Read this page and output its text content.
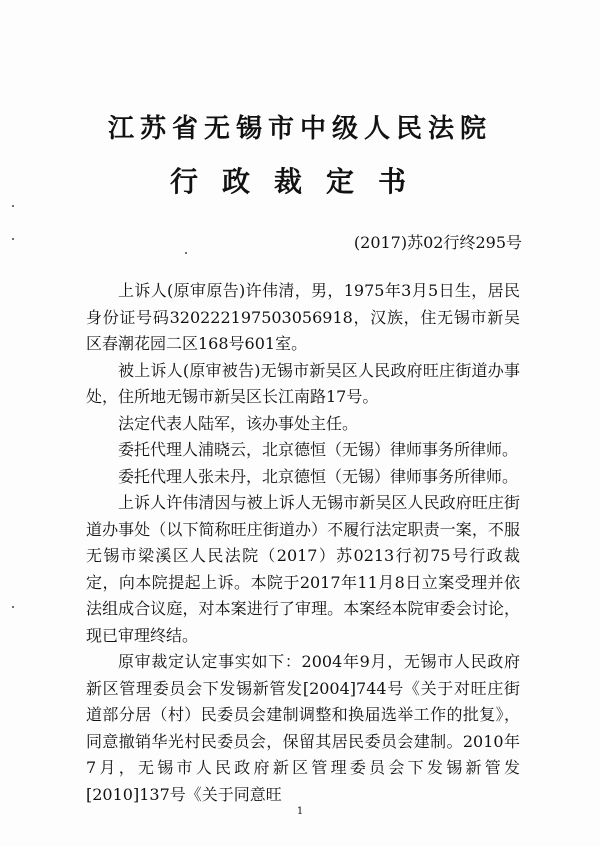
江苏省无锡市中级人民法院
行政裁定书
(2017)苏02行终295号

上诉人(原审原告)许伟清，男，1975年3月5日生，居民身份证号码320222197503056918，汉族，住无锡市新吴区春潮花园二区168号601室。

被上诉人(原审被告)无锡市新吴区人民政府旺庄街道办事处，住所地无锡市新吴区长江南路17号。

法定代表人陆军，该办事处主任。

委托代理人浦晓云，北京德恒（无锡）律师事务所律师。

委托代理人张未丹，北京德恒（无锡）律师事务所律师。

上诉人许伟清因与被上诉人无锡市新吴区人民政府旺庄街道办事处（以下简称旺庄街道办）不履行法定职责一案，不服无锡市梁溪区人民法院（2017）苏0213行初75号行政裁定，向本院提起上诉。本院于2017年11月8日立案受理并依法组成合议庭，对本案进行了审理。本案经本院审委会讨论，现已审理终结。

原审裁定认定事实如下：2004年9月，无锡市人民政府新区管理委员会下发锡新管发[2004]744号《关于对旺庄街道部分居（村）民委员会建制调整和换届选举工作的批复》，同意撤销华光村民委员会，保留其居民委员会建制。2010年7月，无锡市人民政府新区管理委员会下发锡新管发[2010]137号《关于同意旺

1
